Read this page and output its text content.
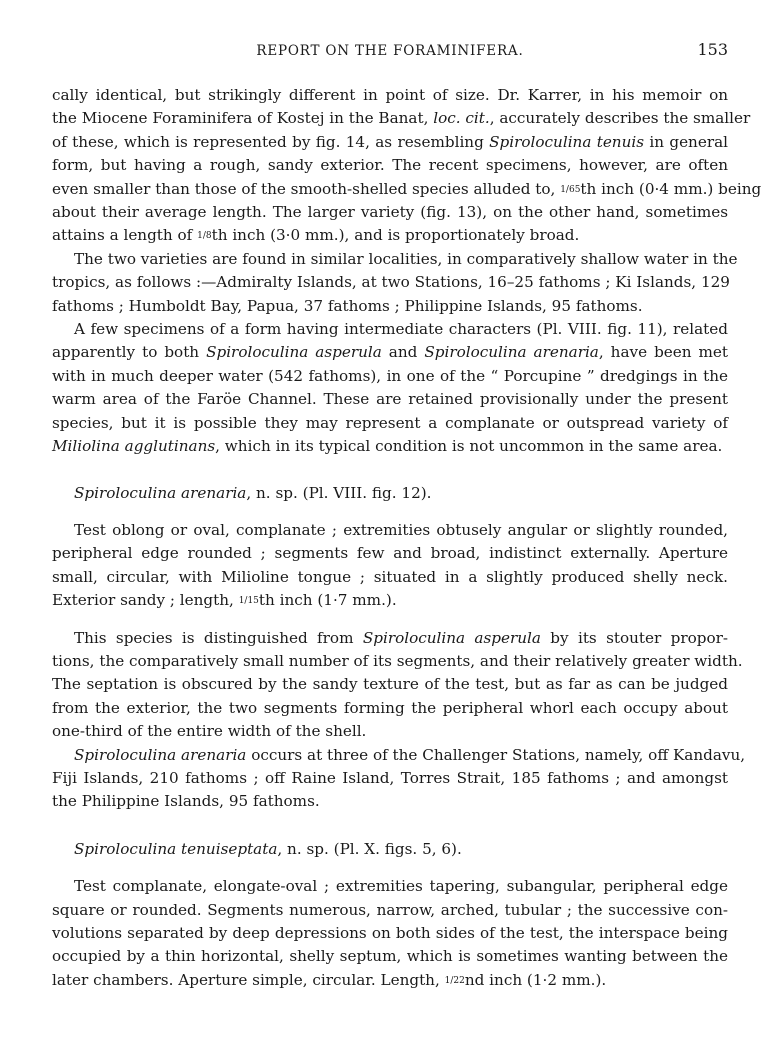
REPORT ON THE FORAMINIFERA.	153
cally identical, but strikingly different in point of size. Dr. Karrer, in his memoir on
the Miocene Foraminifera of Kostej in the Banat, loc. cit., accurately describes the smaller
of these, which is represented by fig. 14, as resembling Spiroloculina tenuis in general
form, but having a rough, sandy exterior. The recent specimens, however, are often
even smaller than those of the smooth-shelled species alluded to, 1/65th inch (0·4 mm.) being
about their average length. The larger variety (fig. 13), on the other hand, sometimes
attains a length of 1/8th inch (3·0 mm.), and is proportionately broad.
The two varieties are found in similar localities, in comparatively shallow water in the
tropics, as follows :—Admiralty Islands, at two Stations, 16–25 fathoms ; Ki Islands, 129
fathoms ; Humboldt Bay, Papua, 37 fathoms ; Philippine Islands, 95 fathoms.
A few specimens of a form having intermediate characters (Pl. VIII. fig. 11), related
apparently to both Spiroloculina asperula and Spiroloculina arenaria, have been met
with in much deeper water (542 fathoms), in one of the “ Porcupine ” dredgings in the
warm area of the Faröe Channel. These are retained provisionally under the present
species, but it is possible they may represent a complanate or outspread variety of
Miliolina agglutinans, which in its typical condition is not uncommon in the same area.
Spiroloculina arenaria, n. sp. (Pl. VIII. fig. 12).
Test oblong or oval, complanate ; extremities obtusely angular or slightly rounded,
peripheral edge rounded ; segments few and broad, indistinct externally. Aperture
small, circular, with Milioline tongue ; situated in a slightly produced shelly neck.
Exterior sandy ; length, 1/15th inch (1·7 mm.).
This species is distinguished from Spiroloculina asperula by its stouter propor-
tions, the comparatively small number of its segments, and their relatively greater width.
The septation is obscured by the sandy texture of the test, but as far as can be judged
from the exterior, the two segments forming the peripheral whorl each occupy about
one-third of the entire width of the shell.
Spiroloculina arenaria occurs at three of the Challenger Stations, namely, off Kandavu,
Fiji Islands, 210 fathoms ; off Raine Island, Torres Strait, 185 fathoms ; and amongst
the Philippine Islands, 95 fathoms.
Spiroloculina tenuiseptata, n. sp. (Pl. X. figs. 5, 6).
Test complanate, elongate-oval ; extremities tapering, subangular, peripheral edge
square or rounded. Segments numerous, narrow, arched, tubular ; the successive con-
volutions separated by deep depressions on both sides of the test, the interspace being
occupied by a thin horizontal, shelly septum, which is sometimes wanting between the
later chambers. Aperture simple, circular. Length, 1/22nd inch (1·2 mm.).
